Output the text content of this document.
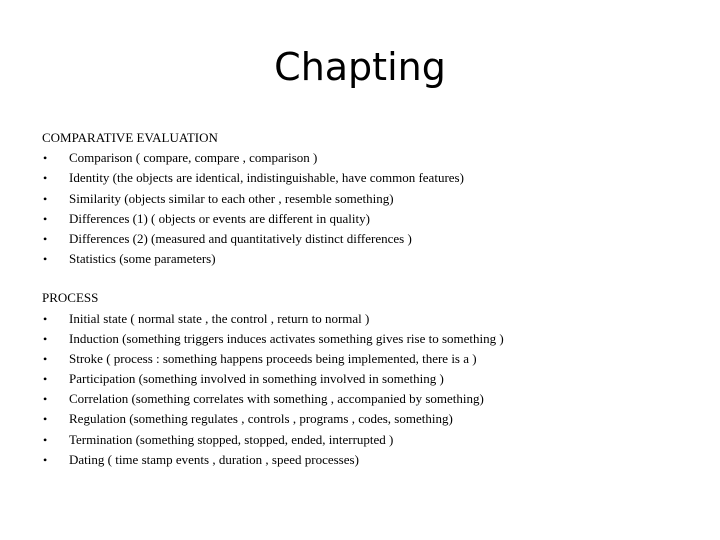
Chapting
COMPARATIVE EVALUATION
• Comparison ( compare, compare , comparison )
• Identity (the objects are identical, indistinguishable, have common features)
• Similarity (objects similar to each other , resemble something)
• Differences (1) ( objects or events are different in quality)
• Differences (2) (measured and quantitatively distinct differences )
• Statistics (some parameters)
PROCESS
• Initial state ( normal state , the control , return to normal )
• Induction (something triggers induces activates something gives rise to something )
• Stroke ( process : something happens proceeds being implemented, there is a )
• Participation (something involved in something involved in something )
• Correlation (something correlates with something , accompanied by something)
• Regulation (something regulates , controls , programs , codes, something)
• Termination (something stopped, stopped, ended, interrupted )
• Dating ( time stamp events , duration , speed processes)
